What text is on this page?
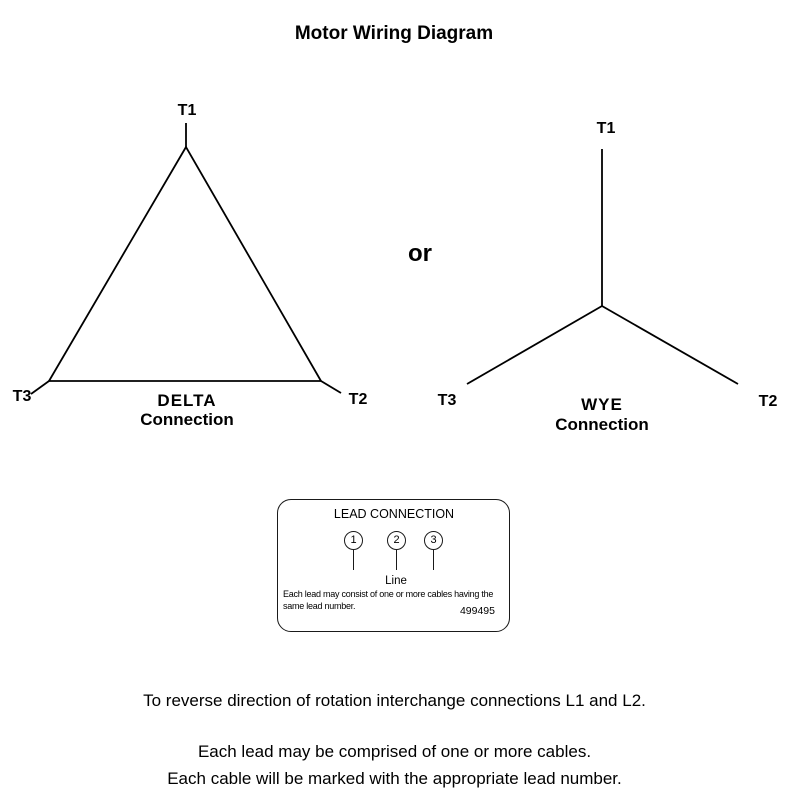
Motor Wiring Diagram
T1
T3	T2
DELTA
Connection
or
T1
T3	T2
WYE
Connection
LEAD CONNECTION
1	2	3
Line
Each lead may consist of one or more cables having the
same lead number.	499495
To reverse direction of rotation interchange connections L1 and L2.
Each lead may be comprised of one or more cables.
Each cable will be marked with the appropriate lead number.
